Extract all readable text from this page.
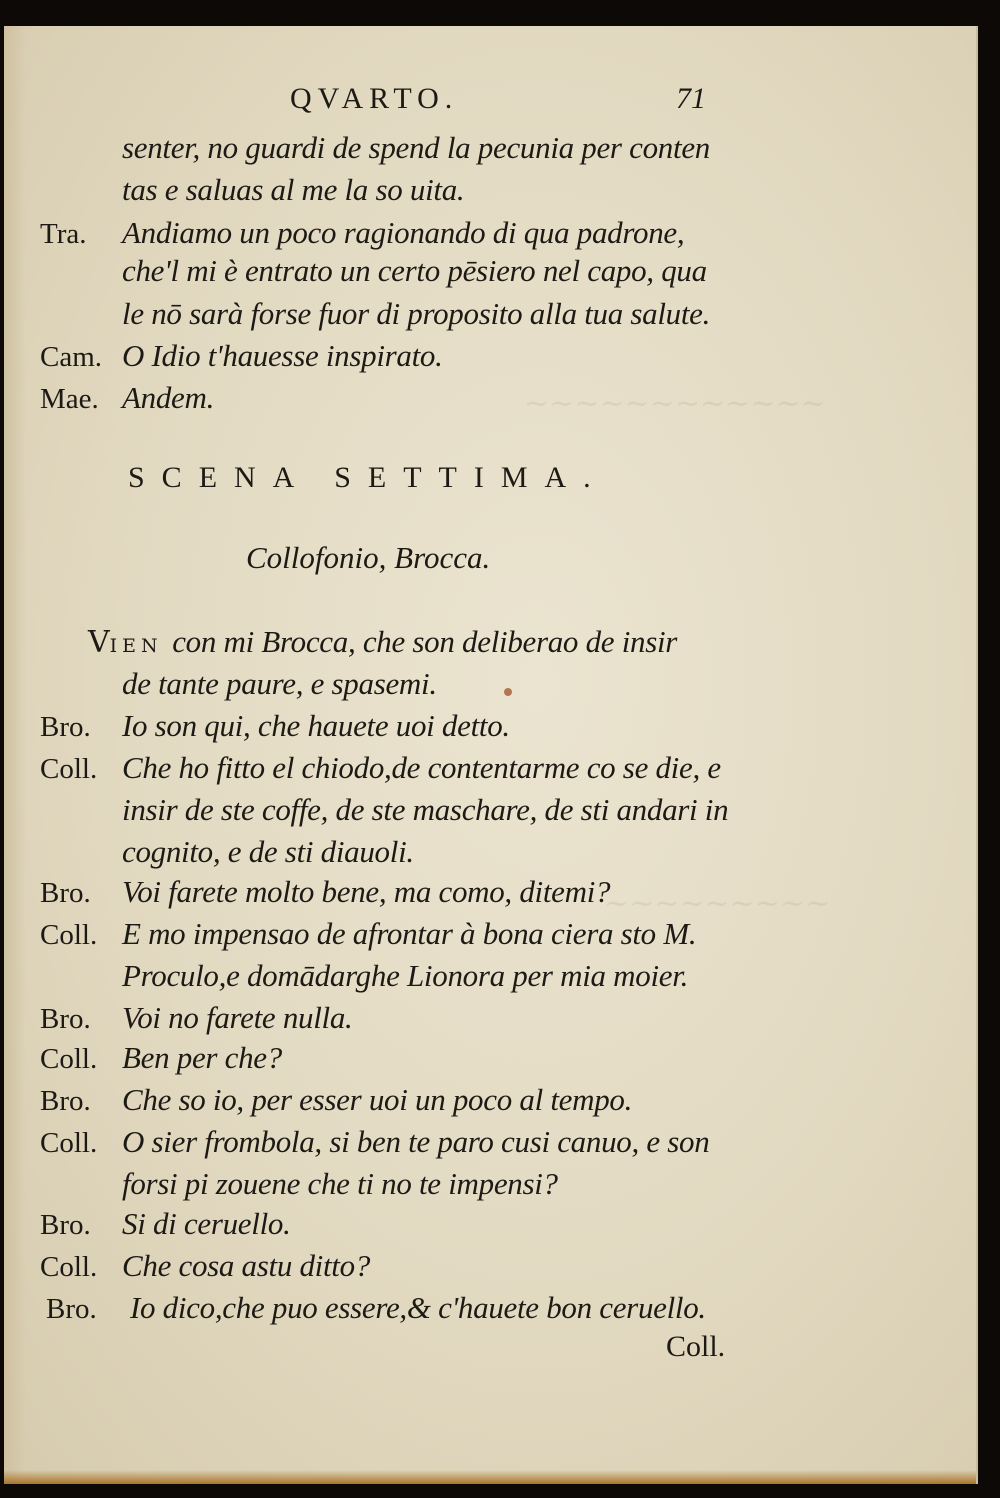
~~~~~~~~~~~~
~~~~~~~~~
QVARTO.	71
senter, no guardi de spend la pecunia per conten
tas e saluas al me la so uita.
Tra. Andiamo un poco ragionando di qua padrone,
che'l mi è entrato un certo pēsiero nel capo, qua
le nō sarà forse fuor di proposito alla tua salute.
Cam. O Idio t'hauesse inspirato.
Mae. Andem.
SCENA SETTIMA.
Collofonio, Brocca.
VIEN con mi Brocca, che son deliberao de insir
de tante paure, e spasemi.
Bro. Io son qui, che hauete uoi detto.
Coll. Che ho fitto el chiodo,de contentarme co se die, e
insir de ste coffe, de ste maschare, de sti andari in
cognito, e de sti diauoli.
Bro. Voi farete molto bene, ma como, ditemi?
Coll. E mo impensao de afrontar à bona ciera sto M.
Proculo,e domādarghe Lionora per mia moier.
Bro. Voi no farete nulla.
Coll. Ben per che?
Bro. Che so io, per esser uoi un poco al tempo.
Coll. O sier frombola, si ben te paro cusi canuo, e son
forsi pi zouene che ti no te impensi?
Bro. Si di ceruello.
Coll. Che cosa astu ditto?
Bro. Io dico,che puo essere,& c'hauete bon ceruello.
Coll.
